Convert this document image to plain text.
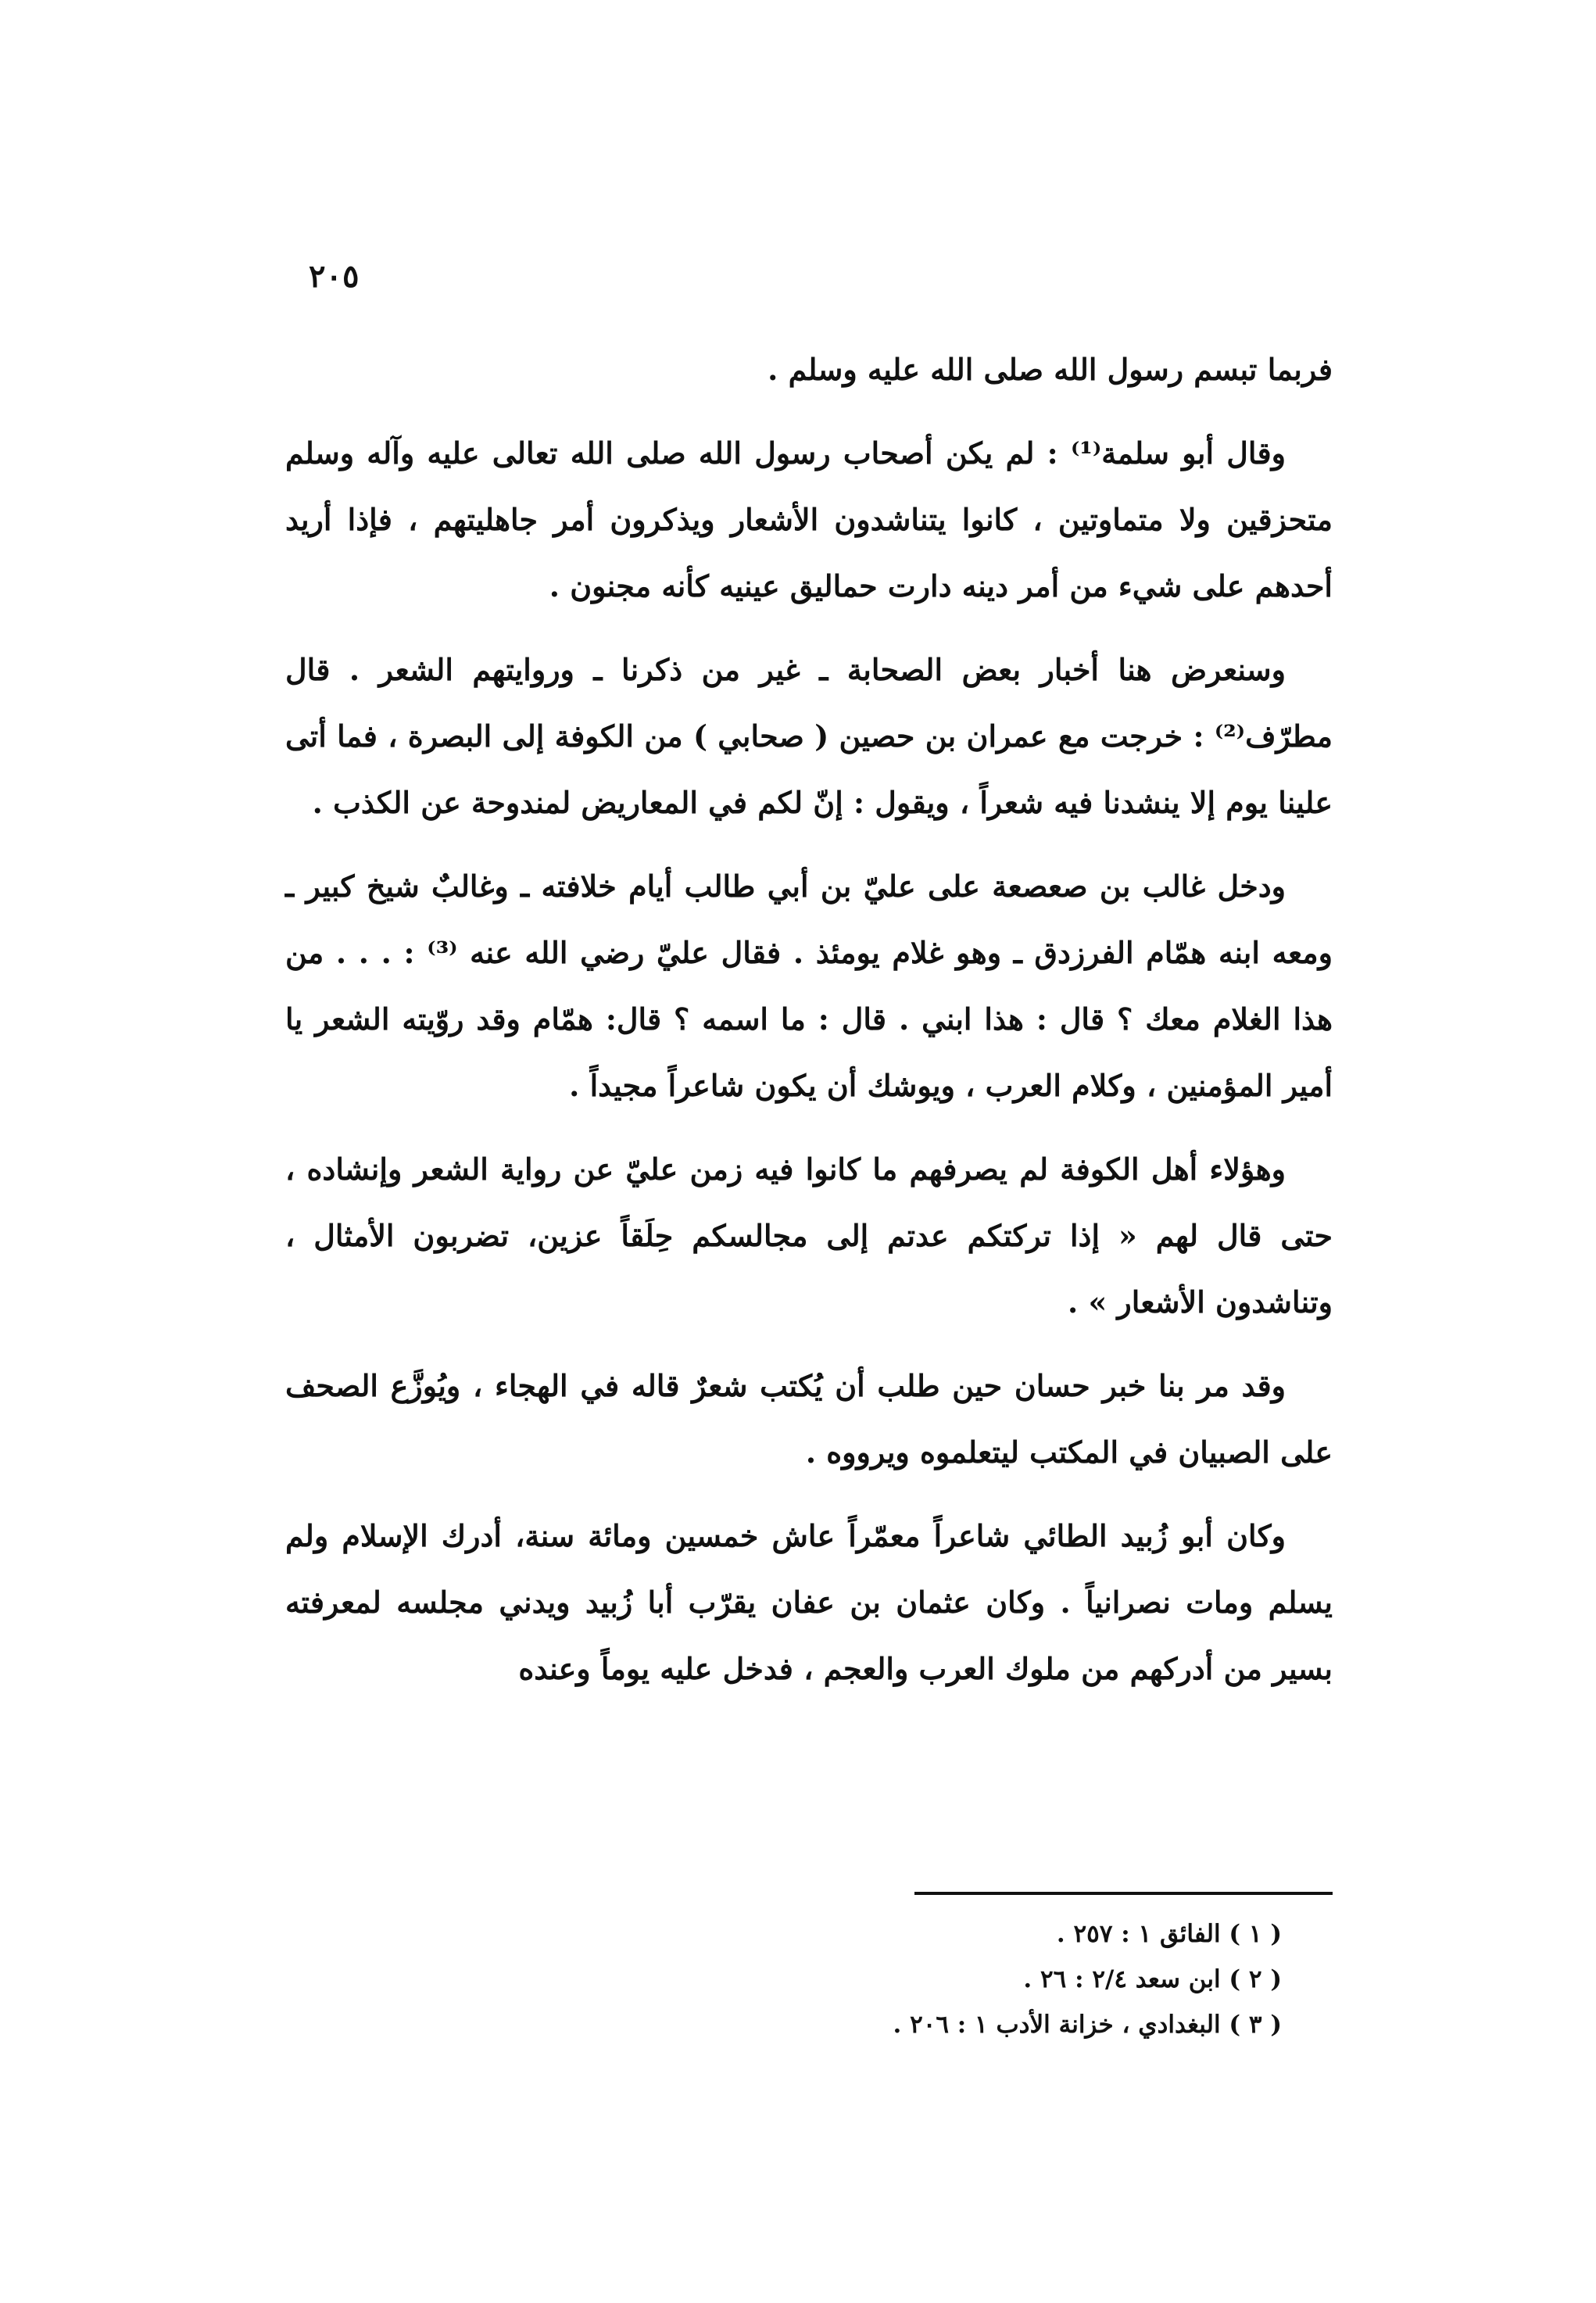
٢٠٥

فربما تبسم رسول الله صلى الله عليه وسلم .

وقال أبو سلمة⁽¹⁾ : لم يكن أصحاب رسول الله صلى الله تعالى عليه وآله وسلم متحزقين ولا متماوتين ، كانوا يتناشدون الأشعار ويذكرون أمر جاهليتهم ، فإذا أريد أحدهم على شيء من أمر دينه دارت حماليق عينيه كأنه مجنون .

وسنعرض هنا أخبار بعض الصحابة ـ غير من ذكرنا ـ وروايتهم الشعر . قال مطرّف⁽²⁾ : خرجت مع عمران بن حصين ( صحابي ) من الكوفة إلى البصرة ، فما أتى علينا يوم إلا ينشدنا فيه شعراً ، ويقول : إنّ لكم في المعاريض لمندوحة عن الكذب .

ودخل غالب بن صعصعة على عليّ بن أبي طالب أيام خلافته ـ وغالبٌ شيخ كبير ـ ومعه ابنه همّام الفرزدق ـ وهو غلام يومئذ . فقال عليّ رضي الله عنه ⁽³⁾ : . . . من هذا الغلام معك ؟ قال : هذا ابني . قال : ما اسمه ؟ قال: همّام وقد روّيته الشعر يا أمير المؤمنين ، وكلام العرب ، ويوشك أن يكون شاعراً مجيداً .

وهؤلاء أهل الكوفة لم يصرفهم ما كانوا فيه زمن عليّ عن رواية الشعر وإنشاده ، حتى قال لهم « إذا تركتكم عدتم إلى مجالسكم حِلَقاً عزين، تضربون الأمثال ، وتناشدون الأشعار » .

وقد مر بنا خبر حسان حين طلب أن يُكتب شعرٌ قاله في الهجاء ، ويُوزَّع الصحف على الصبيان في المكتب ليتعلموه ويرووه .

وكان أبو زُبيد الطائي شاعراً معمّراً عاش خمسين ومائة سنة، أدرك الإسلام ولم يسلم ومات نصرانياً . وكان عثمان بن عفان يقرّب أبا زُبيد ويدني مجلسه لمعرفته بسير من أدركهم من ملوك العرب والعجم ، فدخل عليه يوماً وعنده

( ١ ) الفائق ١ : ٢٥٧ .

( ٢ ) ابن سعد ٢/٤ : ٢٦ .

( ٣ ) البغدادي ، خزانة الأدب ١ : ٢٠٦ .
